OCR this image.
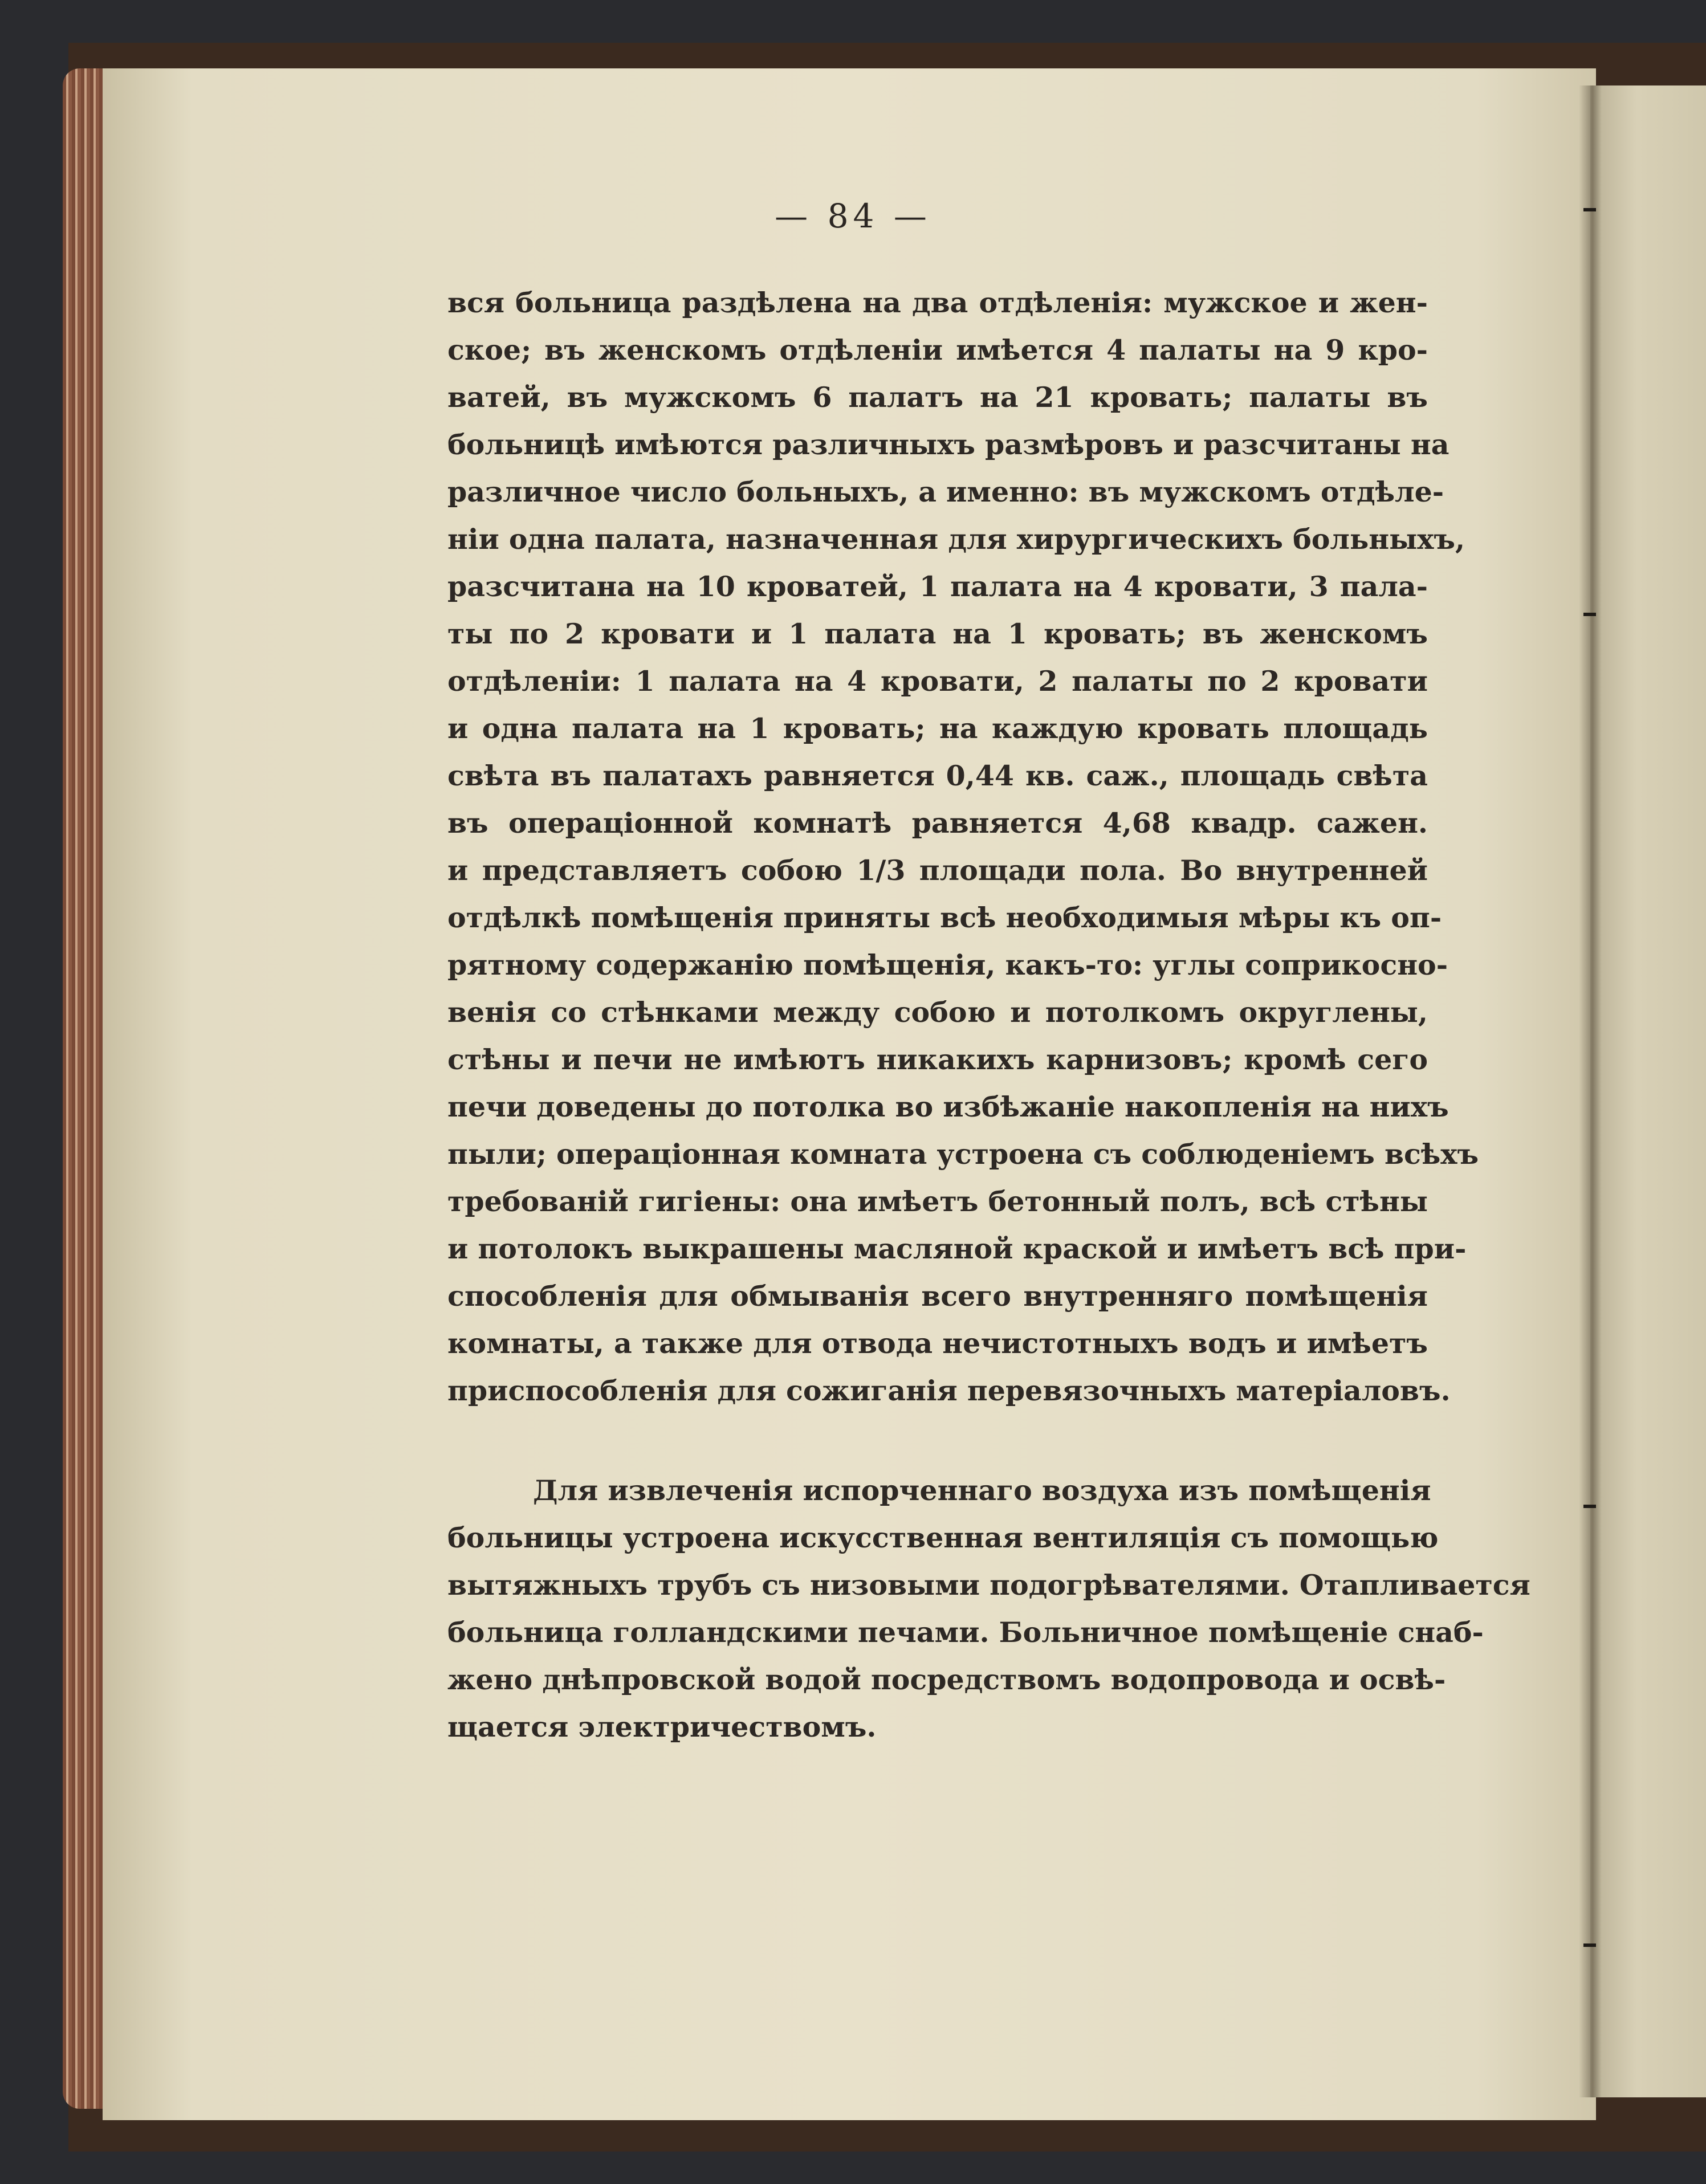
— 84 —

вся больница раздѣлена на два отдѣленія: мужское и жен-
ское; въ женскомъ отдѣленіи имѣется 4 палаты на 9 кро-
ватей, въ мужскомъ 6 палатъ на 21 кровать; палаты въ
больницѣ имѣются различныхъ размѣровъ и разсчитаны на
различное число больныхъ, а именно: въ мужскомъ отдѣле-
ніи одна палата, назначенная для хирургическихъ больныхъ,
разсчитана на 10 кроватей, 1 палата на 4 кровати, 3 пала-
ты по 2 кровати и 1 палата на 1 кровать; въ женскомъ
отдѣленіи: 1 палата на 4 кровати, 2 палаты по 2 кровати
и одна палата на 1 кровать; на каждую кровать площадь
свѣта въ палатахъ равняется 0,44 кв. саж., площадь свѣта
въ операціонной комнатѣ равняется 4,68 квадр. сажен.
и представляетъ собою 1/3 площади пола. Во внутренней
отдѣлкѣ помѣщенія приняты всѣ необходимыя мѣры къ оп-
рятному содержанію помѣщенія, какъ-то: углы соприкосно-
венія со стѣнками между собою и потолкомъ округлены,
стѣны и печи не имѣютъ никакихъ карнизовъ; кромѣ сего
печи доведены до потолка во избѣжаніе накопленія на нихъ
пыли; операціонная комната устроена съ соблюденіемъ всѣхъ
требованій гигіены: она имѣетъ бетонный полъ, всѣ стѣны
и потолокъ выкрашены масляной краской и имѣетъ всѣ при-
способленія для обмыванія всего внутренняго помѣщенія
комнаты, а также для отвода нечистотныхъ водъ и имѣетъ
приспособленія для сожиганія перевязочныхъ матеріаловъ.

Для извлеченія испорченнаго воздуха изъ помѣщенія
больницы устроена искусственная вентиляція съ помощью
вытяжныхъ трубъ съ низовыми подогрѣвателями. Отапливается
больница голландскими печами. Больничное помѣщеніе снаб-
жено днѣпровской водой посредствомъ водопровода и освѣ-
щается электричествомъ.
